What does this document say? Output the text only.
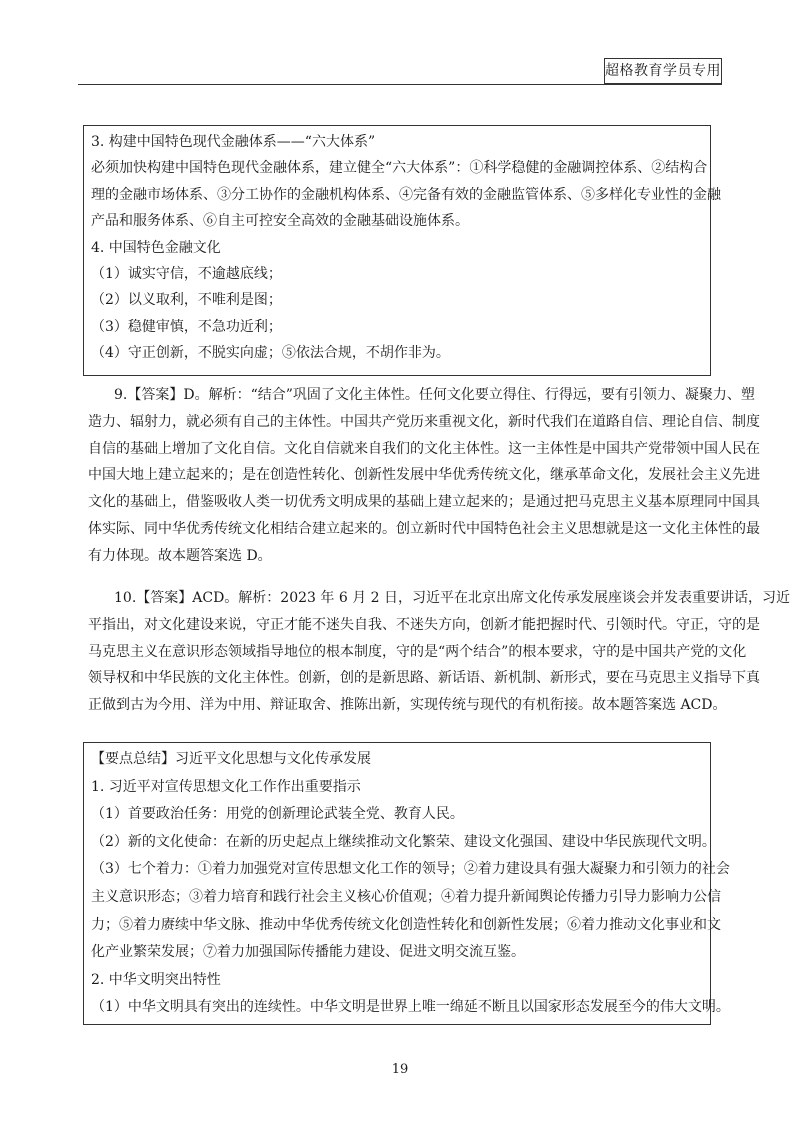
超格教育学员专用
3. 构建中国特色现代金融体系——“六大体系”
必须加快构建中国特色现代金融体系，建立健全“六大体系”：①科学稳健的金融调控体系、②结构合
理的金融市场体系、③分工协作的金融机构体系、④完备有效的金融监管体系、⑤多样化专业性的金融
产品和服务体系、⑥自主可控安全高效的金融基础设施体系。
4. 中国特色金融文化
（1）诚实守信，不逾越底线；
（2）以义取利，不唯利是图；
（3）稳健审慎，不急功近利；
（4）守正创新，不脱实向虚；⑤依法合规，不胡作非为。
9.【答案】D。解析：“结合”巩固了文化主体性。任何文化要立得住、行得远，要有引领力、凝聚力、塑
造力、辐射力，就必须有自己的主体性。中国共产党历来重视文化，新时代我们在道路自信、理论自信、制度
自信的基础上增加了文化自信。文化自信就来自我们的文化主体性。这一主体性是中国共产党带领中国人民在
中国大地上建立起来的；是在创造性转化、创新性发展中华优秀传统文化，继承革命文化，发展社会主义先进
文化的基础上，借鉴吸收人类一切优秀文明成果的基础上建立起来的；是通过把马克思主义基本原理同中国具
体实际、同中华优秀传统文化相结合建立起来的。创立新时代中国特色社会主义思想就是这一文化主体性的最
有力体现。故本题答案选 D。
10.【答案】ACD。解析：2023 年 6 月 2 日，习近平在北京出席文化传承发展座谈会并发表重要讲话，习近
平指出，对文化建设来说，守正才能不迷失自我、不迷失方向，创新才能把握时代、引领时代。守正，守的是
马克思主义在意识形态领域指导地位的根本制度，守的是“两个结合”的根本要求，守的是中国共产党的文化
领导权和中华民族的文化主体性。创新，创的是新思路、新话语、新机制、新形式，要在马克思主义指导下真
正做到古为今用、洋为中用、辩证取舍、推陈出新，实现传统与现代的有机衔接。故本题答案选 ACD。
【要点总结】习近平文化思想与文化传承发展
1. 习近平对宣传思想文化工作作出重要指示
（1）首要政治任务：用党的创新理论武装全党、教育人民。
（2）新的文化使命：在新的历史起点上继续推动文化繁荣、建设文化强国、建设中华民族现代文明。
（3）七个着力：①着力加强党对宣传思想文化工作的领导；②着力建设具有强大凝聚力和引领力的社会
主义意识形态；③着力培育和践行社会主义核心价值观；④着力提升新闻舆论传播力引导力影响力公信
力；⑤着力赓续中华文脉、推动中华优秀传统文化创造性转化和创新性发展；⑥着力推动文化事业和文
化产业繁荣发展；⑦着力加强国际传播能力建设、促进文明交流互鉴。
2. 中华文明突出特性
（1）中华文明具有突出的连续性。中华文明是世界上唯一绵延不断且以国家形态发展至今的伟大文明。
19
